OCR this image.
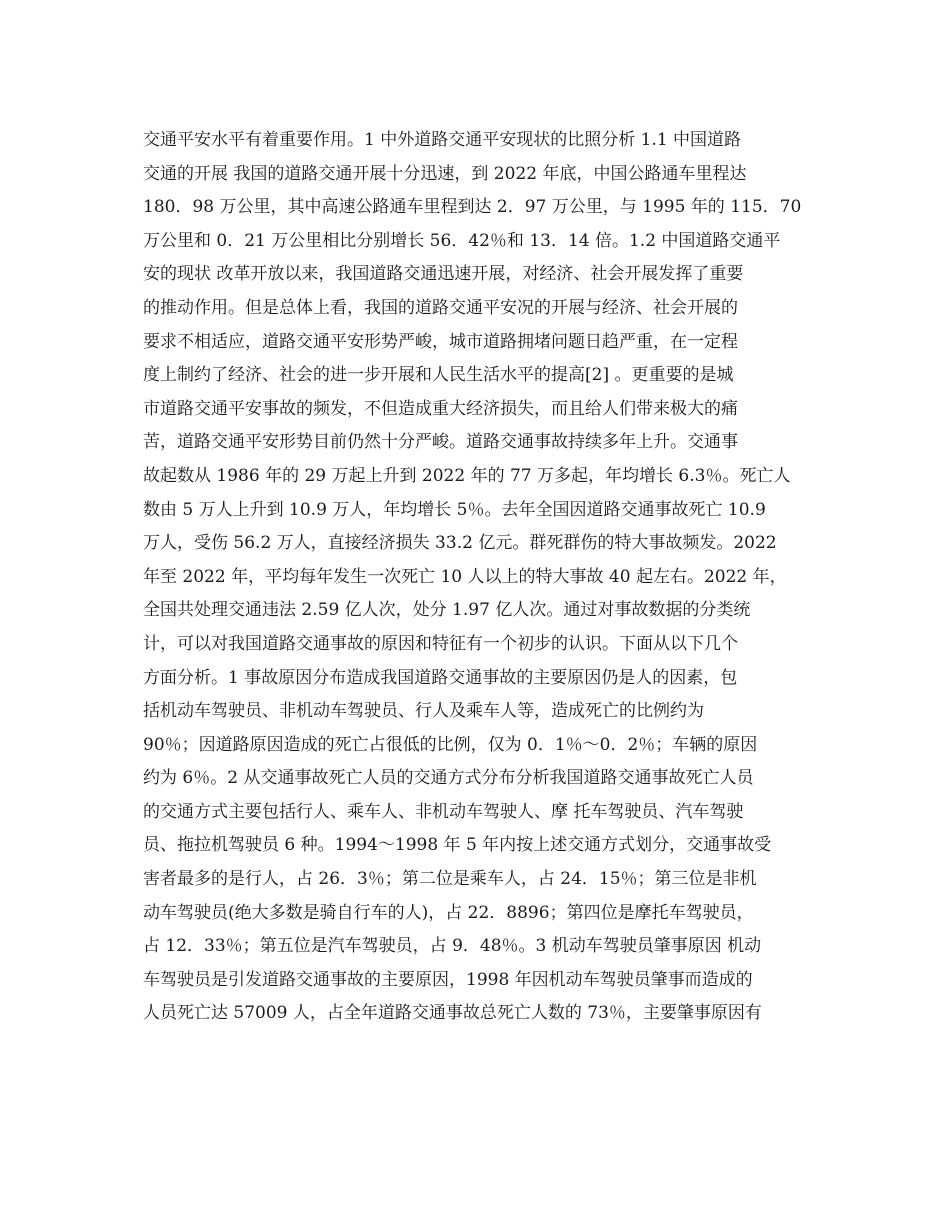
交通平安水平有着重要作用。1 中外道路交通平安现状的比照分析 1.1 中国道路
交通的开展 我国的道路交通开展十分迅速，到 2022 年底，中国公路通车里程达
180．98 万公里，其中高速公路通车里程到达 2．97 万公里，与 1995 年的 115．70
万公里和 0．21 万公里相比分别增长 56．42％和 13．14 倍。1.2 中国道路交通平
安的现状 改革开放以来，我国道路交通迅速开展，对经济、社会开展发挥了重要
的推动作用。但是总体上看，我国的道路交通平安况的开展与经济、社会开展的
要求不相适应，道路交通平安形势严峻，城市道路拥堵问题日趋严重，在一定程
度上制约了经济、社会的进一步开展和人民生活水平的提高[2] 。更重要的是城
市道路交通平安事故的频发，不但造成重大经济损失，而且给人们带来极大的痛
苦，道路交通平安形势目前仍然十分严峻。道路交通事故持续多年上升。交通事
故起数从 1986 年的 29 万起上升到 2022 年的 77 万多起，年均增长 6.3％。死亡人
数由 5 万人上升到 10.9 万人，年均增长 5％。去年全国因道路交通事故死亡 10.9
万人，受伤 56.2 万人，直接经济损失 33.2 亿元。群死群伤的特大事故频发。2022
年至 2022 年，平均每年发生一次死亡 10 人以上的特大事故 40 起左右。2022 年，
全国共处理交通违法 2.59 亿人次，处分 1.97 亿人次。通过对事故数据的分类统
计，可以对我国道路交通事故的原因和特征有一个初步的认识。下面从以下几个
方面分析。1 事故原因分布造成我国道路交通事故的主要原因仍是人的因素，包
括机动车驾驶员、非机动车驾驶员、行人及乘车人等，造成死亡的比例约为
90％；因道路原因造成的死亡占很低的比例，仅为 0．1％～0．2％；车辆的原因
约为 6％。2 从交通事故死亡人员的交通方式分布分析我国道路交通事故死亡人员
的交通方式主要包括行人、乘车人、非机动车驾驶人、摩 托车驾驶员、汽车驾驶
员、拖拉机驾驶员 6 种。1994～1998 年 5 年内按上述交通方式划分，交通事故受
害者最多的是行人，占 26．3％；第二位是乘车人，占 24．15％；第三位是非机
动车驾驶员(绝大多数是骑自行车的人)，占 22．8896；第四位是摩托车驾驶员，
占 12．33％；第五位是汽车驾驶员，占 9．48％。3 机动车驾驶员肇事原因 机动
车驾驶员是引发道路交通事故的主要原因，1998 年因机动车驾驶员肇事而造成的
人员死亡达 57009 人，占全年道路交通事故总死亡人数的 73％，主要肇事原因有
